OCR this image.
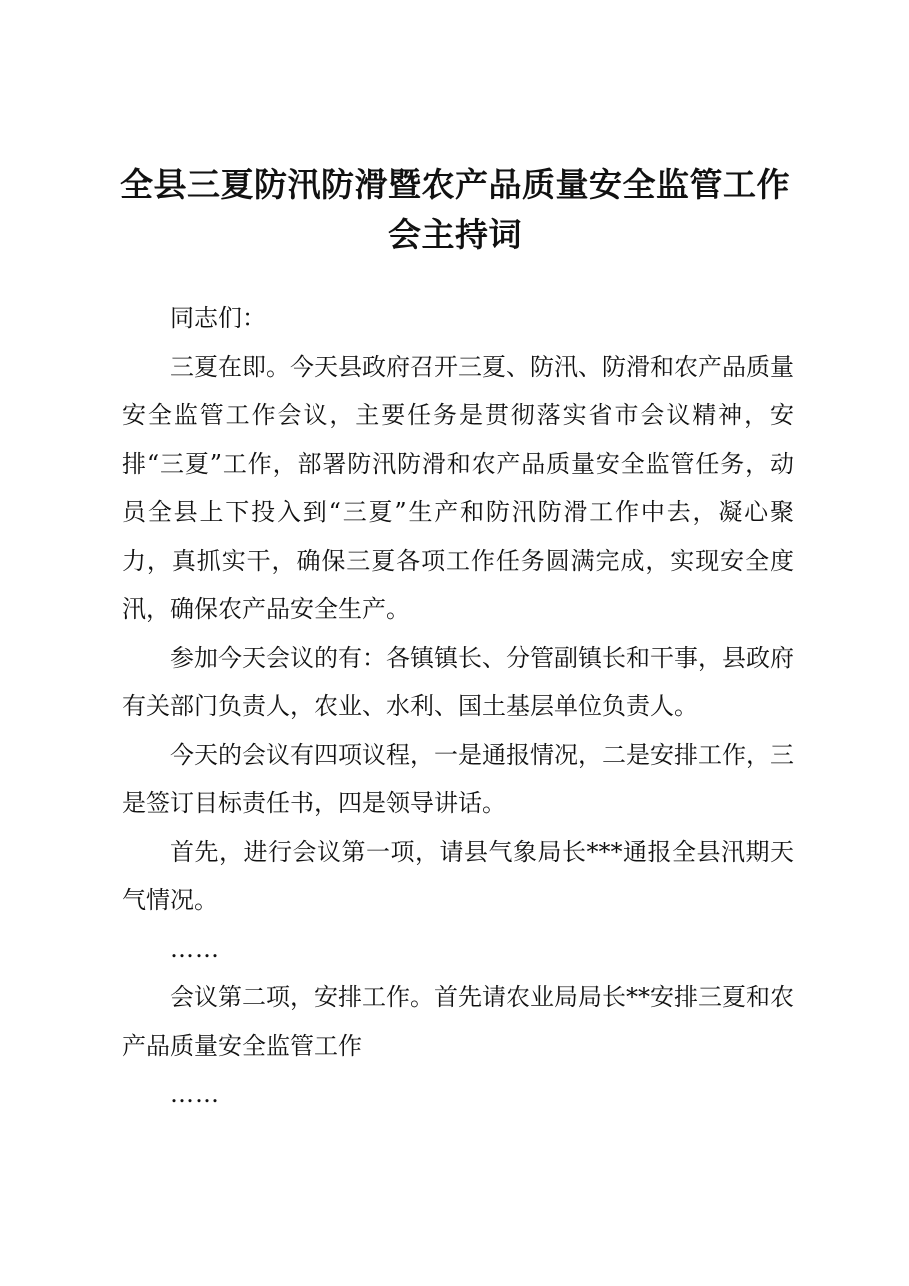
全县三夏防汛防滑暨农产品质量安全监管工作
会主持词

同志们：

三夏在即。今天县政府召开三夏、防汛、防滑和农产品质量安全监管工作会议，主要任务是贯彻落实省市会议精神，安排“三夏”工作，部署防汛防滑和农产品质量安全监管任务，动员全县上下投入到“三夏”生产和防汛防滑工作中去，凝心聚力，真抓实干，确保三夏各项工作任务圆满完成，实现安全度汛，确保农产品安全生产。

参加今天会议的有：各镇镇长、分管副镇长和干事，县政府有关部门负责人，农业、水利、国土基层单位负责人。

今天的会议有四项议程，一是通报情况，二是安排工作，三是签订目标责任书，四是领导讲话。

首先，进行会议第一项，请县气象局长***通报全县汛期天气情况。

……

会议第二项，安排工作。首先请农业局局长**安排三夏和农产品质量安全监管工作

……
